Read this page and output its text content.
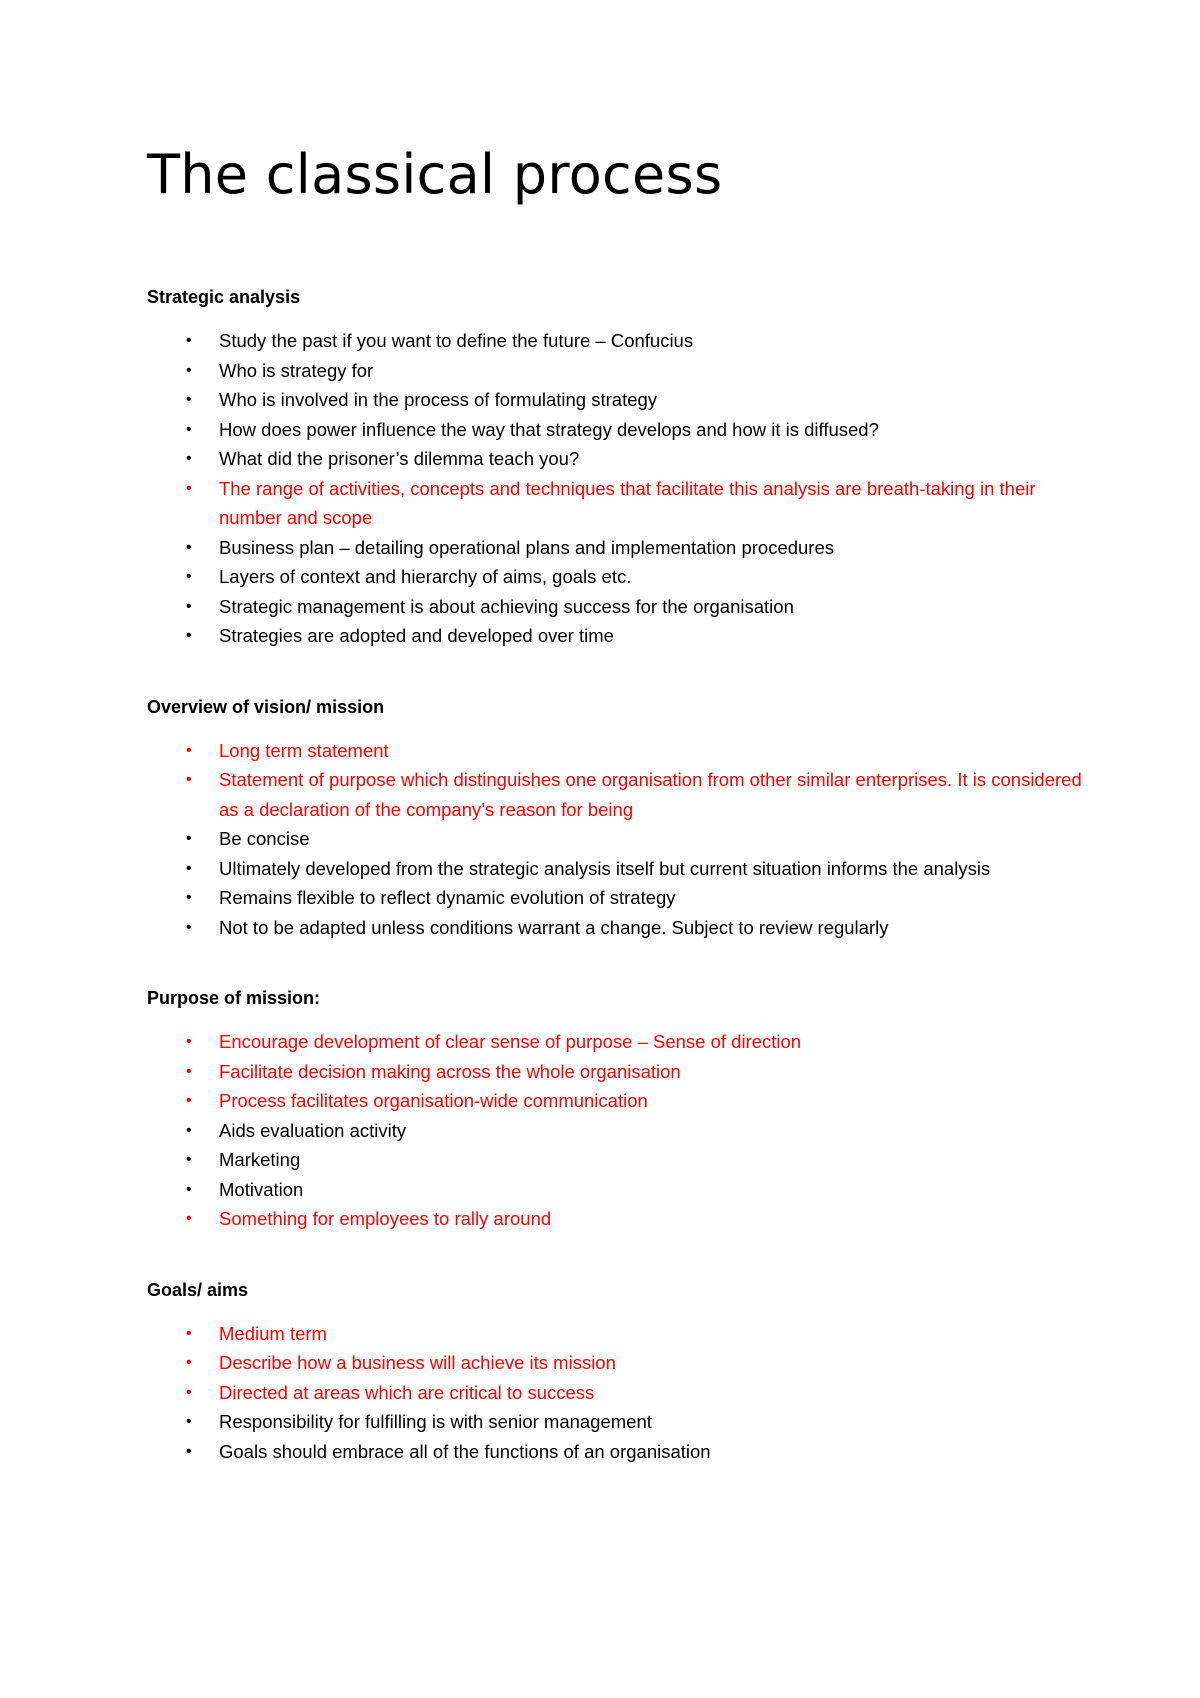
The classical process
Strategic analysis
• Study the past if you want to define the future – Confucius
• Who is strategy for
• Who is involved in the process of formulating strategy
• How does power influence the way that strategy develops and how it is diffused?
• What did the prisoner’s dilemma teach you?
• The range of activities, concepts and techniques that facilitate this analysis are breath-taking in their number and scope
• Business plan – detailing operational plans and implementation procedures
• Layers of context and hierarchy of aims, goals etc.
• Strategic management is about achieving success for the organisation
• Strategies are adopted and developed over time
Overview of vision/ mission
• Long term statement
• Statement of purpose which distinguishes one organisation from other similar enterprises. It is considered as a declaration of the company’s reason for being
• Be concise
• Ultimately developed from the strategic analysis itself but current situation informs the analysis
• Remains flexible to reflect dynamic evolution of strategy
• Not to be adapted unless conditions warrant a change. Subject to review regularly
Purpose of mission:
• Encourage development of clear sense of purpose – Sense of direction
• Facilitate decision making across the whole organisation
• Process facilitates organisation-wide communication
• Aids evaluation activity
• Marketing
• Motivation
• Something for employees to rally around
Goals/ aims
• Medium term
• Describe how a business will achieve its mission
• Directed at areas which are critical to success
• Responsibility for fulfilling is with senior management
• Goals should embrace all of the functions of an organisation
